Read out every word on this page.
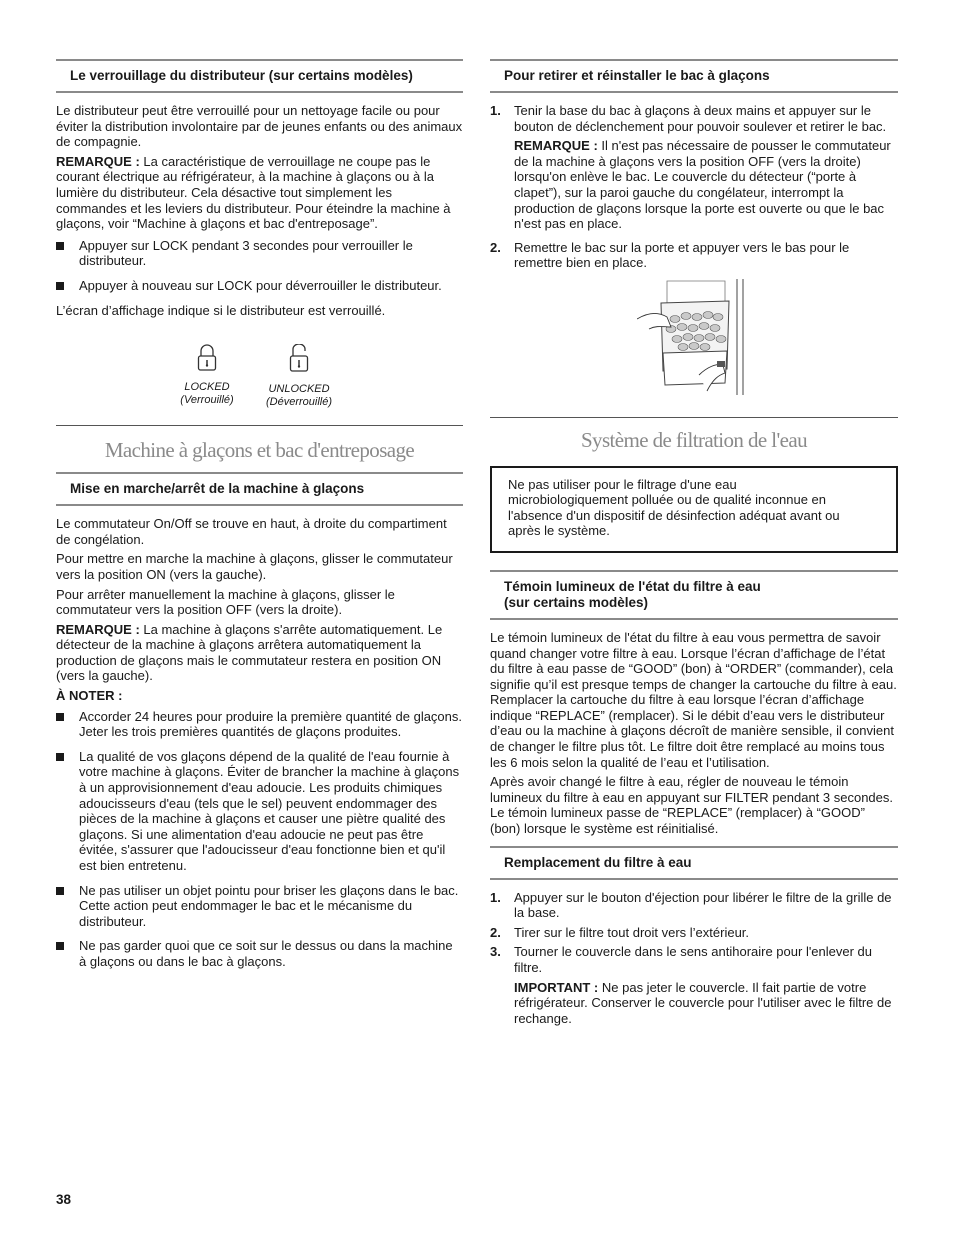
Le verrouillage du distributeur (sur certains modèles)

Le distributeur peut être verrouillé pour un nettoyage facile ou pour éviter la distribution involontaire par de jeunes enfants ou des animaux de compagnie.

REMARQUE : La caractéristique de verrouillage ne coupe pas le courant électrique au réfrigérateur, à la machine à glaçons ou à la lumière du distributeur. Cela désactive tout simplement les commandes et les leviers du distributeur. Pour éteindre la machine à glaçons, voir “Machine à glaçons et bac d'entreposage”.

Appuyer sur LOCK pendant 3 secondes pour verrouiller le distributeur.
Appuyer à nouveau sur LOCK pour déverrouiller le distributeur.

L’écran d’affichage indique si le distributeur est verrouillé.

LOCKED
(Verrouillé)
UNLOCKED
(Déverrouillé)
Machine à glaçons et bac d'entreposage
Mise en marche/arrêt de la machine à glaçons

Le commutateur On/Off se trouve en haut, à droite du compartiment de congélation.

Pour mettre en marche la machine à glaçons, glisser le commutateur vers la position ON (vers la gauche).

Pour arrêter manuellement la machine à glaçons, glisser le commutateur vers la position OFF (vers la droite).

REMARQUE : La machine à glaçons s'arrête automatiquement. Le détecteur de la machine à glaçons arrêtera automatiquement la production de glaçons mais le commutateur restera en position ON (vers la gauche).

À NOTER :

Accorder 24 heures pour produire la première quantité de glaçons. Jeter les trois premières quantités de glaçons produites.
La qualité de vos glaçons dépend de la qualité de l'eau fournie à votre machine à glaçons. Éviter de brancher la machine à glaçons à un approvisionnement d'eau adoucie. Les produits chimiques adoucisseurs d'eau (tels que le sel) peuvent endommager des pièces de la machine à glaçons et causer une piètre qualité des glaçons. Si une alimentation d'eau adoucie ne peut pas être évitée, s'assurer que l'adoucisseur d'eau fonctionne bien et qu'il est bien entretenu.
Ne pas utiliser un objet pointu pour briser les glaçons dans le bac. Cette action peut endommager le bac et le mécanisme du distributeur.
Ne pas garder quoi que ce soit sur le dessus ou dans la machine à glaçons ou dans le bac à glaçons.
Pour retirer et réinstaller le bac à glaçons
1. Tenir la base du bac à glaçons à deux mains et appuyer sur le bouton de déclenchement pour pouvoir soulever et retirer le bac.

REMARQUE : Il n'est pas nécessaire de pousser le commutateur de la machine à glaçons vers la position OFF (vers la droite) lorsqu'on enlève le bac. Le couvercle du détecteur (“porte à clapet”), sur la paroi gauche du congélateur, interrompt la production de glaçons lorsque la porte est ouverte ou que le bac n'est pas en place.

2. Remettre le bac sur la porte et appuyer vers le bas pour le remettre bien en place.

Système de filtration de l'eau

Ne pas utiliser pour le filtrage d'une eau microbiologiquement polluée ou de qualité inconnue en l'absence d'un dispositif de désinfection adéquat avant ou après le système.

Témoin lumineux de l'état du filtre à eau
(sur certains modèles)

Le témoin lumineux de l'état du filtre à eau vous permettra de savoir quand changer votre filtre à eau. Lorsque l’écran d’affichage de l’état du filtre à eau passe de “GOOD” (bon) à “ORDER” (commander), cela signifie qu’il est presque temps de changer la cartouche du filtre à eau. Remplacer la cartouche du filtre à eau lorsque l’écran d’affichage indique “REPLACE” (remplacer). Si le débit d’eau vers le distributeur d’eau ou la machine à glaçons décroît de manière sensible, il convient de changer le filtre plus tôt. Le filtre doit être remplacé au moins tous les 6 mois selon la qualité de l’eau et l’utilisation.

Après avoir changé le filtre à eau, régler de nouveau le témoin lumineux du filtre à eau en appuyant sur FILTER pendant 3 secondes. Le témoin lumineux passe de “REPLACE” (remplacer) à “GOOD” (bon) lorsque le système est réinitialisé.

Remplacement du filtre à eau
1. Appuyer sur le bouton d'éjection pour libérer le filtre de la grille de la base.
2. Tirer sur le filtre tout droit vers l’extérieur.
3. Tourner le couvercle dans le sens antihoraire pour l'enlever du filtre.

IMPORTANT : Ne pas jeter le couvercle. Il fait partie de votre réfrigérateur. Conserver le couvercle pour l'utiliser avec le filtre de rechange.

38
